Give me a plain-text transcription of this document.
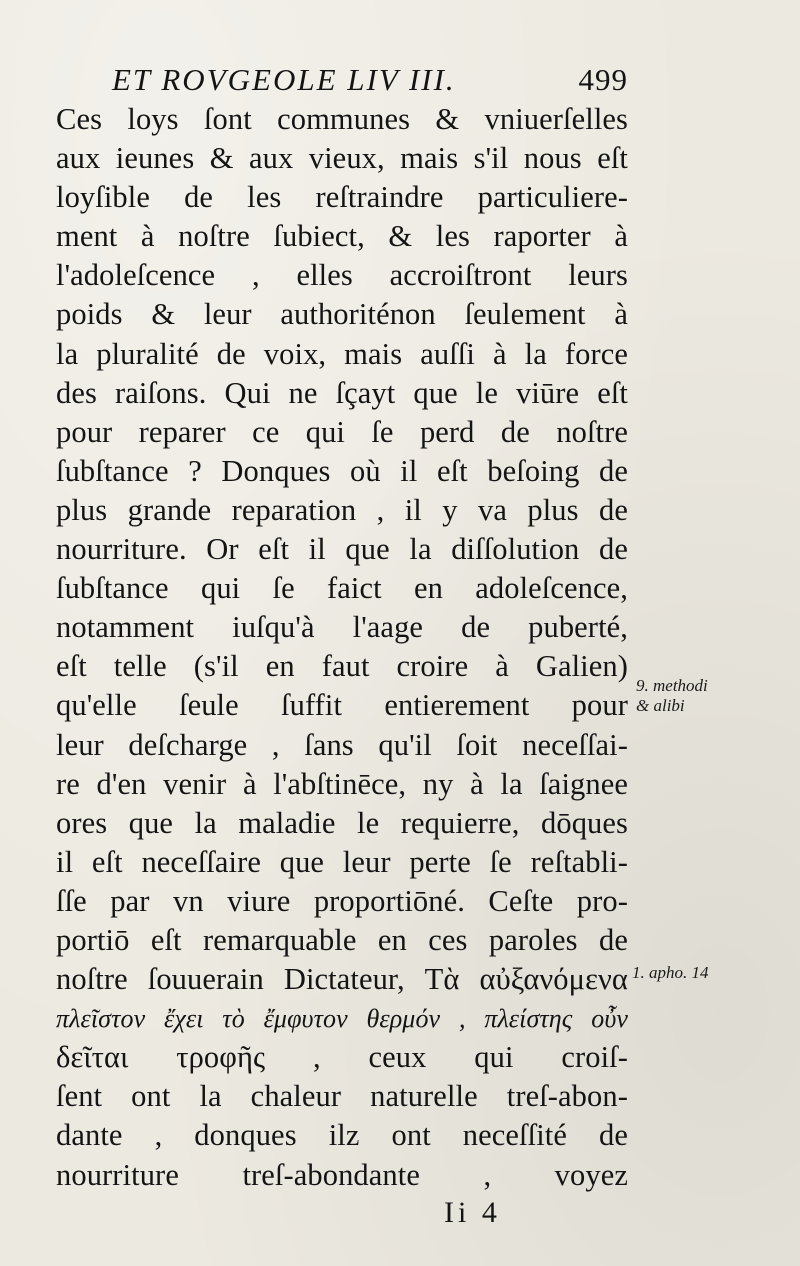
ET ROVGEOLE LIV III.	499
Ces loys ſont communes & vniuerſelles
aux ieunes & aux vieux, mais s'il nous eſt
loyſible de les reſtraindre particuliere-
ment à noſtre ſubiect, & les raporter à
l'adoleſcence , elles accroiſtront leurs
poids & leur authoriténon ſeulement à
la pluralité de voix, mais auſſi à la force
des raiſons. Qui ne ſçayt que le viūre eſt
pour reparer ce qui ſe perd de noſtre
ſubſtance ? Donques où il eſt beſoing de
plus grande reparation , il y va plus de
nourriture. Or eſt il que la diſſolution de
ſubſtance qui ſe faict en adoleſcence,
notamment iuſqu'à l'aage de puberté,
eſt telle (s'il en faut croire à Galien)
qu'elle ſeule ſuffit entierement pour
leur deſcharge , ſans qu'il ſoit neceſſai-
re d'en venir à l'abſtinēce, ny à la ſaignee
ores que la maladie le requierre, dōques
il eſt neceſſaire que leur perte ſe reſtabli-
ſſe par vn viure proportiōné. Ceſte pro-
portiō eſt remarquable en ces paroles de
noſtre ſouuerain Dictateur, Τὰ αὐξανόμενα
πλεῖστον ἔχει τὸ ἔμφυτον θερμόν , πλείστης οὖν
δεῖται τροφῆς , ceux qui croiſ-
ſent ont la chaleur naturelle treſ-abon-
dante , donques ilz ont neceſſité de
nourriture treſ-abondante , voyez
9. methodi
& alibi
1. apho. 14
Ii 4
